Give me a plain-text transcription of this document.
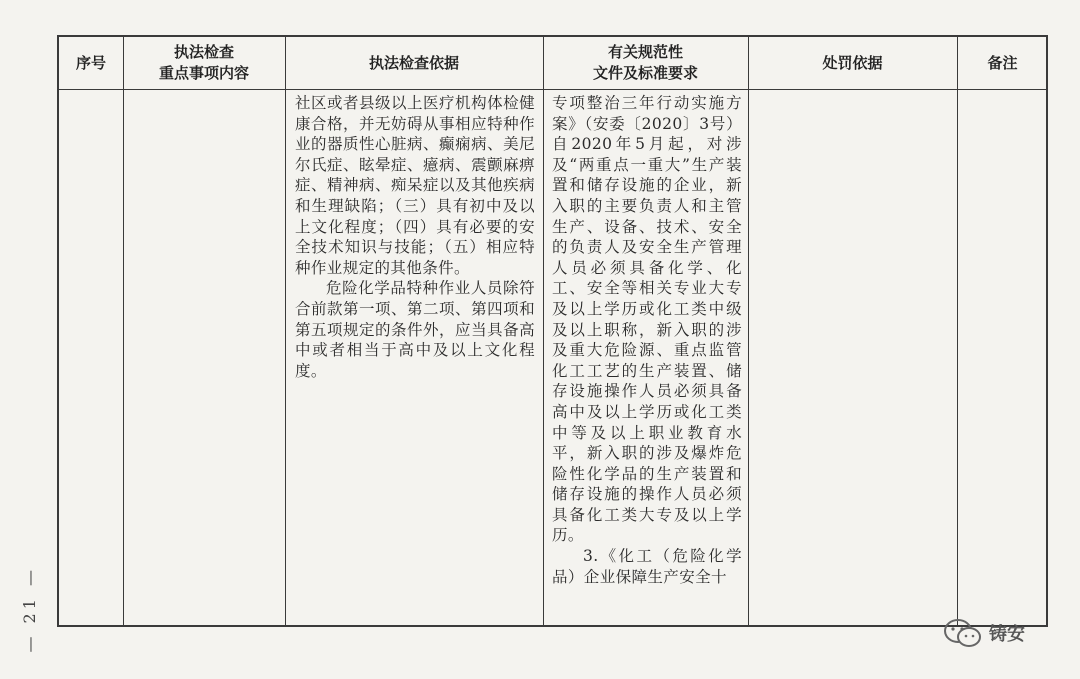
序号
执法检查
重点事项内容
执法检查依据
有关规范性
文件及标准要求
处罚依据	备注

社区或者县级以上医疗机构体检健康合格，并无妨碍从事相应特种作业的器质性心脏病、癫痫病、美尼尔氏症、眩晕症、癔病、震颤麻痹症、精神病、痴呆症以及其他疾病和生理缺陷；（三）具有初中及以上文化程度；（四）具有必要的安全技术知识与技能；（五）相应特种作业规定的其他条件。

危险化学品特种作业人员除符合前款第一项、第二项、第四项和第五项规定的条件外，应当具备高中或者相当于高中及以上文化程度。

专项整治三年行动实施方案》（安委〔2020〕3号）自2020年5月起，对涉及“两重点一重大”生产装置和储存设施的企业，新入职的主要负责人和主管生产、设备、技术、安全的负责人及安全生产管理人员必须具备化学、化工、安全等相关专业大专及以上学历或化工类中级及以上职称，新入职的涉及重大危险源、重点监管化工工艺的生产装置、储存设施操作人员必须具备高中及以上学历或化工类中等及以上职业教育水平，新入职的涉及爆炸危险性化学品的生产装置和储存设施的操作人员必须具备化工类大专及以上学历。

3.《化工（危险化学品）企业保障生产安全十

— 21 —	铸安
